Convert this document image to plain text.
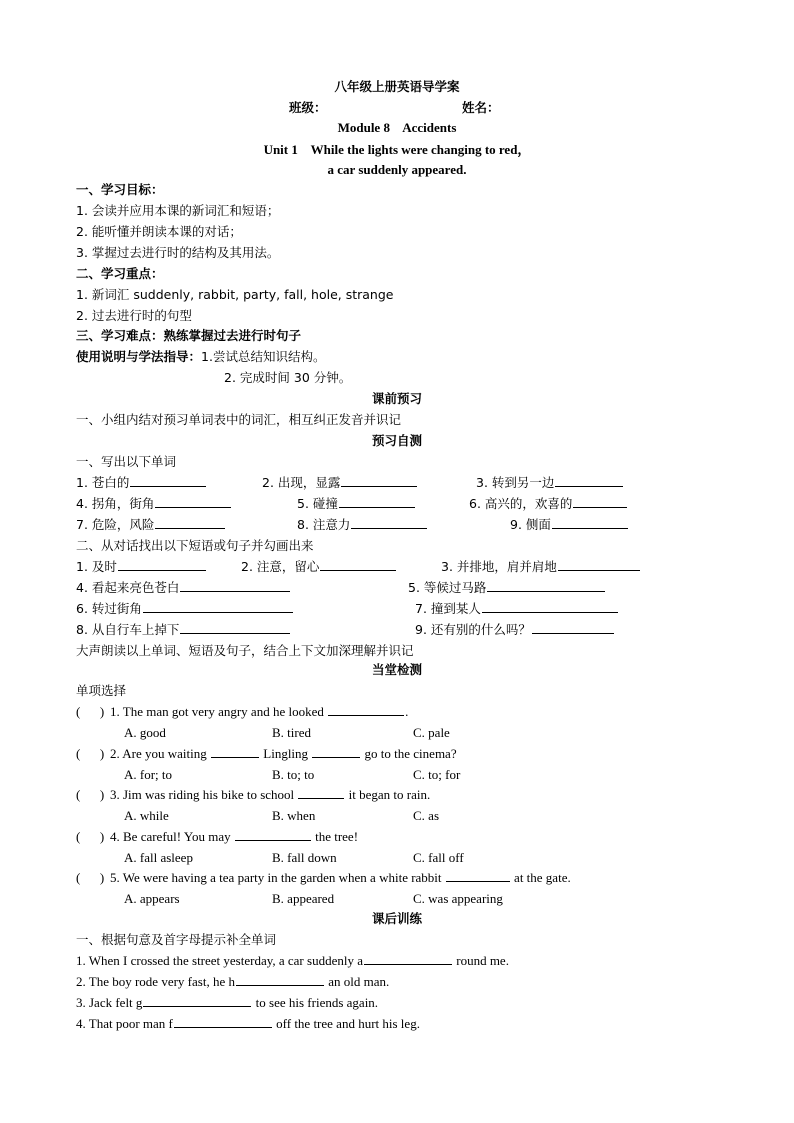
八年级上册英语导学案
班级：	姓名：
Module 8    Accidents
Unit 1    While the lights were changing to red，
a car suddenly appeared.
一、学习目标：
1. 会读并应用本课的新词汇和短语；
2. 能听懂并朗读本课的对话；
3. 掌握过去进行时的结构及其用法。
二、学习重点：
1. 新词汇 suddenly, rabbit, party, fall, hole, strange
2. 过去进行时的句型
三、学习难点：熟练掌握过去进行时句子
使用说明与学法指导：1.尝试总结知识结构。
2. 完成时间 30 分钟。
课前预习
一、小组内结对预习单词表中的词汇，相互纠正发音并识记
预习自测
一、写出以下单词
1. 苍白的	2. 出现，显露	3. 转到另一边
4. 拐角，街角	5. 碰撞	6. 高兴的，欢喜的
7. 危险，风险	8. 注意力	9. 侧面
二、从对话找出以下短语或句子并勾画出来
1. 及时	2. 注意，留心	3. 并排地，肩并肩地
4. 看起来亮色苍白	5. 等候过马路
6. 转过街角	7. 撞到某人
8. 从自行车上掉下	9. 还有别的什么吗？
大声朗读以上单词、短语及句子，结合上下文加深理解并识记
当堂检测
单项选择
(      ) 1. The man got very angry and he looked	.
A. good	B. tired	C. pale
(      ) 2. Are you waiting	Lingling	go to the cinema?
A. for; to	B. to; to	C. to; for
(      ) 3. Jim was riding his bike to school	it began to rain.
A. while	B. when	C. as
(      ) 4. Be careful! You may	the tree!
A. fall asleep	B. fall down	C. fall off
(      ) 5. We were having a tea party in the garden when a white rabbit	at the gate.
A. appears	B. appeared	C. was appearing
课后训练
一、根据句意及首字母提示补全单词
1. When I crossed the street yesterday, a car suddenly a	round me.
2. The boy rode very fast, he h	an old man.
3. Jack felt g	to see his friends again.
4. That poor man f	off the tree and hurt his leg.
